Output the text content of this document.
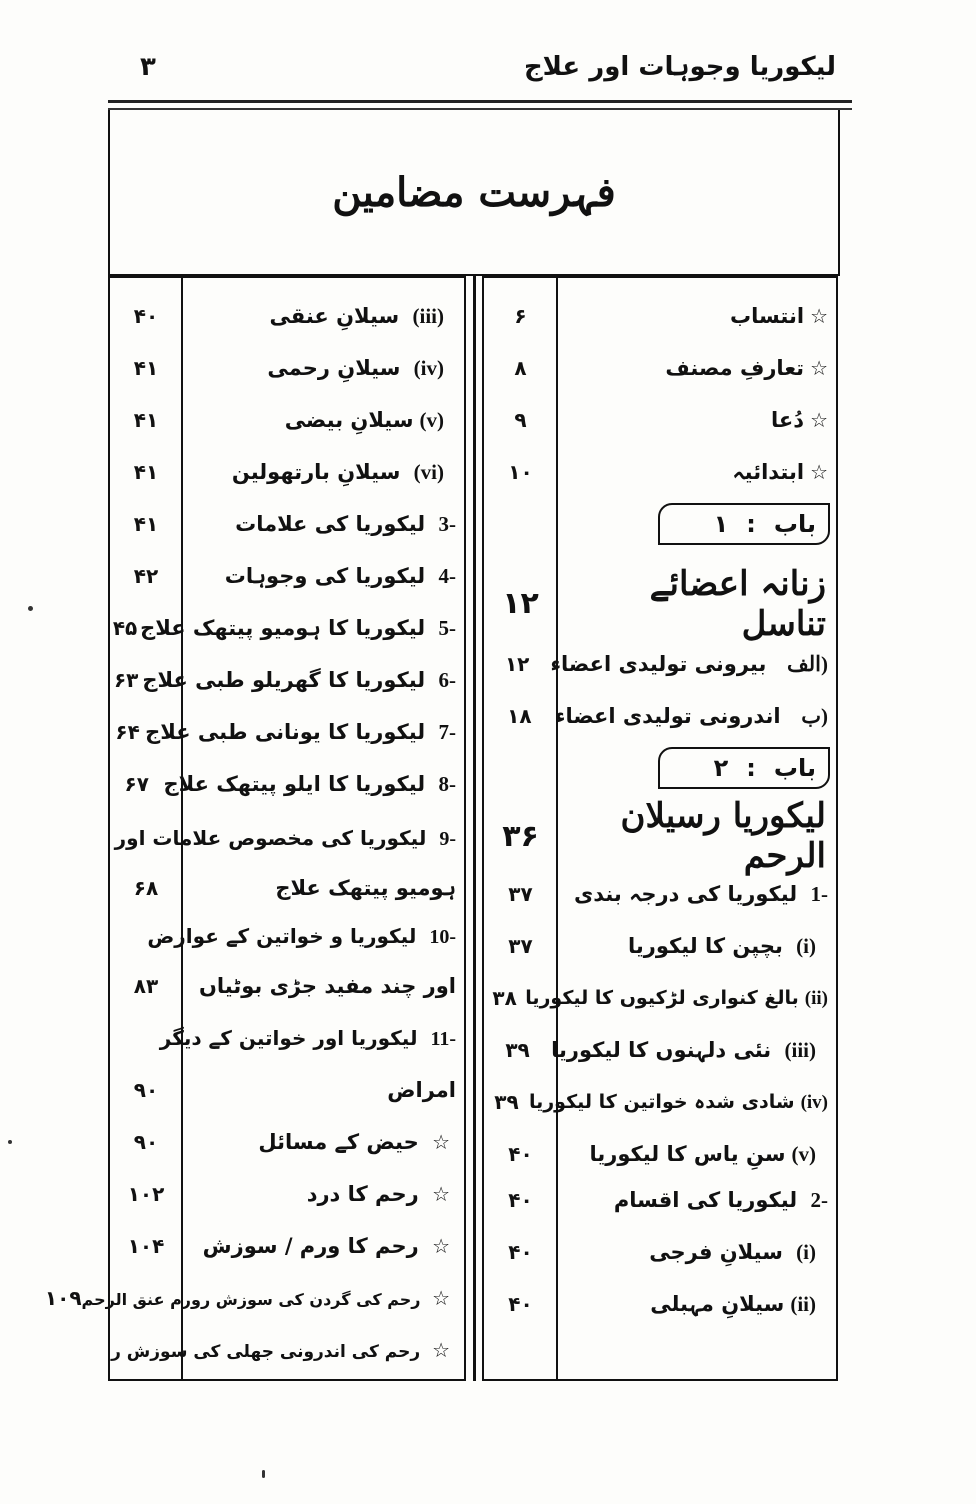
لیکوریا وجوہات اور علاج
۳
فہرست مضامین
☆انتساب
۶
☆تعارفِ مصنف
۸
☆دُعا
۹
☆ابتدائیہ
۱۰
باب
:
۱
زنانہ اعضائے تناسل
۱۲
الف)  بیرونی تولیدی اعضاء
۱۲
ب)  اندرونی تولیدی اعضاء
۱۸
باب
:
۲
لیکوریا رسیلان الرحم
۳۶
1- لیکوریا کی درجہ بندی
۳۷
(i) بچپن کا لیکوریا
۳۷
(ii)بالغ کنواری لڑکیوں کا لیکوریا
۳۸
(iii) نئی دلہنوں کا لیکوریا
۳۹
(iv)شادی شدہ خواتین کا لیکوریا
۳۹
(v)سنِ یاس کا لیکوریا
۴۰
2- لیکوریا کی اقسام
۴۰
(i) سیلانِ فرجی
۴۰
(ii)سیلانِ مہبلی
۴۰
(iii) سیلانِ عنقی
۴۰
(iv) سیلانِ رحمی
۴۱
(v)سیلانِ بیضی
۴۱
(vi) سیلانِ بارتھولین
۴۱
3- لیکوریا کی علامات
۴۱
4- لیکوریا کی وجوہات
۴۲
5- لیکوریا کا ہومیو پیتھک علاج
۴۵
6- لیکوریا کا گھریلو طبی علاج
۶۳
7- لیکوریا کا یونانی طبی علاج
۶۴
8- لیکوریا کا ایلو پیتھک علاج
۶۷
9- لیکوریا کی مخصوص علامات اور
ہومیو پیتھک علاج
۶۸
10- لیکوریا و خواتین کے عوارض
اور چند مفید جڑی بوٹیاں
۸۳
11- لیکوریا اور خواتین کے دیگر
امراض
۹۰
☆ حیض کے مسائل
۹۰
☆ رحم کا درد
۱۰۲
☆ رحم کا ورم / سوزش
۱۰۴
☆ رحم کی گردن کی سوزش رورم عنق الرحم
۱۰۹
☆ رحم کی اندرونی جھلی کی سوزش ر
